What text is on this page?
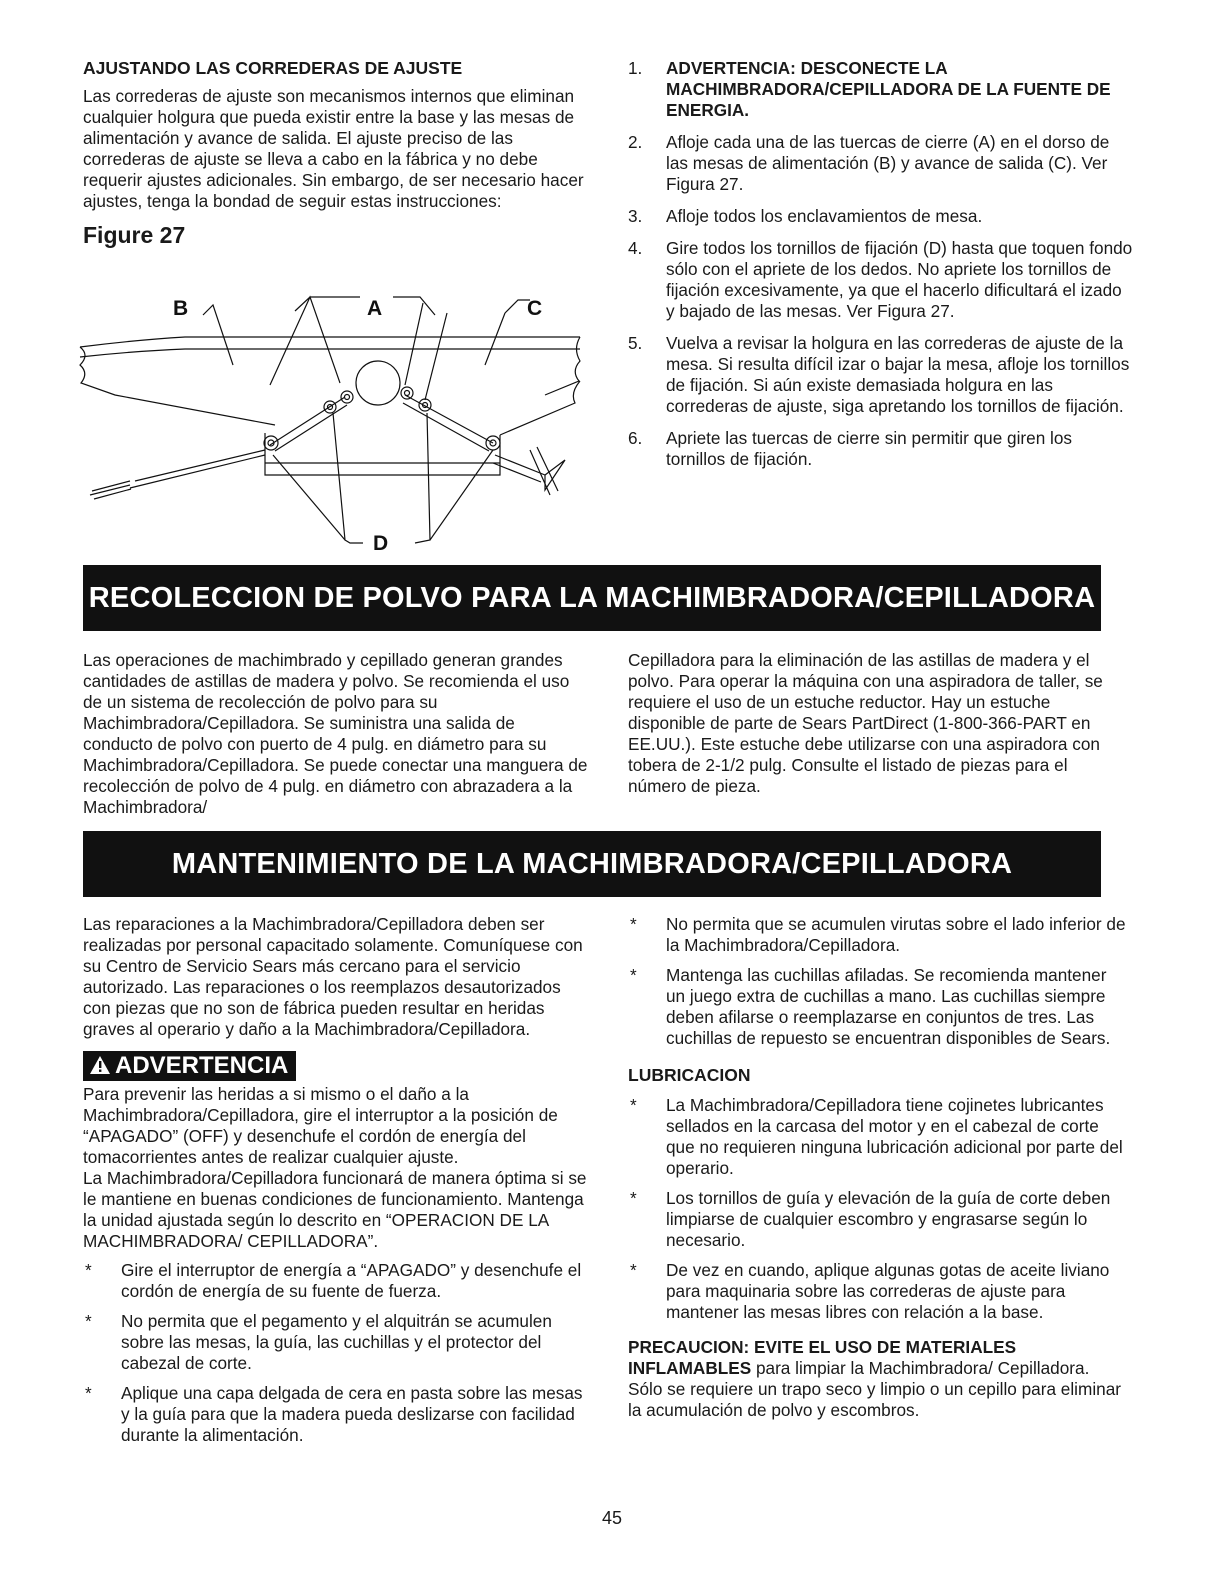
AJUSTANDO LAS CORREDERAS DE AJUSTE

Las correderas de ajuste son mecanismos internos que eliminan cualquier holgura que pueda existir entre la base y las mesas de alimentación y avance de salida. El ajuste preciso de las correderas de ajuste se lleva a cabo en la fábrica y no debe requerir ajustes adicionales. Sin embargo, de ser necesario hacer ajustes, tenga la bondad de seguir estas instrucciones:

Figure 27
B	A	C
D
1. ADVERTENCIA: DESCONECTE LA MACHIMBRADORA/CEPILLADORA DE LA FUENTE DE ENERGIA.
2. Afloje cada una de las tuercas de cierre (A) en el dorso de las mesas de alimentación (B) y avance de salida (C). Ver Figura 27.
3. Afloje todos los enclavamientos de mesa.
4. Gire todos los tornillos de fijación (D) hasta que toquen fondo sólo con el apriete de los dedos. No apriete los tornillos de fijación excesivamente, ya que el hacerlo dificultará el izado y bajado de las mesas. Ver Figura 27.
5. Vuelva a revisar la holgura en las correderas de ajuste de la mesa. Si resulta difícil izar o bajar la mesa, afloje los tornillos de fijación. Si aún existe demasiada holgura en las correderas de ajuste, siga apretando los tornillos de fijación.
6. Apriete las tuercas de cierre sin permitir que giren los tornillos de fijación.
RECOLECCION DE POLVO PARA LA MACHIMBRADORA/CEPILLADORA

Las operaciones de machimbrado y cepillado generan grandes cantidades de astillas de madera y polvo. Se recomienda el uso de un sistema de recolección de polvo para su Machimbradora/Cepilladora. Se suministra una salida de conducto de polvo con puerto de 4 pulg. en diámetro para su Machimbradora/Cepilladora. Se puede conectar una manguera de recolección de polvo de 4 pulg. en diámetro con abrazadera a la Machimbradora/

Cepilladora para la eliminación de las astillas de madera y el polvo. Para operar la máquina con una aspiradora de taller, se requiere el uso de un estuche reductor. Hay un estuche disponible de parte de Sears PartDirect (1-800-366-PART en EE.UU.). Este estuche debe utilizarse con una aspiradora con tobera de 2-1/2 pulg. Consulte el listado de piezas para el número de pieza.

MANTENIMIENTO DE LA MACHIMBRADORA/CEPILLADORA

Las reparaciones a la Machimbradora/Cepilladora deben ser realizadas por personal capacitado solamente. Comuníquese con su Centro de Servicio Sears más cercano para el servicio autorizado. Las reparaciones o los reemplazos desautorizados con piezas que no son de fábrica pueden resultar en heridas graves al operario y daño a la Machimbradora/Cepilladora.

ADVERTENCIA

Para prevenir las heridas a si mismo o el daño a la Machimbradora/Cepilladora, gire el interruptor a la posición de “APAGADO” (OFF) y desenchufe el cordón de energía del tomacorrientes antes de realizar cualquier ajuste.

La Machimbradora/Cepilladora funcionará de manera óptima si se le mantiene en buenas condiciones de funcionamiento. Mantenga la unidad ajustada según lo descrito en “OPERACION DE LA MACHIMBRADORA/ CEPILLADORA”.

* Gire el interruptor de energía a “APAGADO” y desenchufe el cordón de energía de su fuente de fuerza.
* No permita que el pegamento y el alquitrán se acumulen sobre las mesas, la guía, las cuchillas y el protector del cabezal de corte.
* Aplique una capa delgada de cera en pasta sobre las mesas y la guía para que la madera pueda deslizarse con facilidad durante la alimentación.
* No permita que se acumulen virutas sobre el lado inferior de la Machimbradora/Cepilladora.
* Mantenga las cuchillas afiladas. Se recomienda mantener un juego extra de cuchillas a mano. Las cuchillas siempre deben afilarse o reemplazarse en conjuntos de tres. Las cuchillas de repuesto se encuentran disponibles de Sears.
LUBRICACION
* La Machimbradora/Cepilladora tiene cojinetes lubricantes sellados en la carcasa del motor y en el cabezal de corte que no requieren ninguna lubricación adicional por parte del operario.
* Los tornillos de guía y elevación de la guía de corte deben limpiarse de cualquier escombro y engrasarse según lo necesario.
* De vez en cuando, aplique algunas gotas de aceite liviano para maquinaria sobre las correderas de ajuste para mantener las mesas libres con relación a la base.

PRECAUCION: EVITE EL USO DE MATERIALES INFLAMABLES para limpiar la Machimbradora/ Cepilladora. Sólo se requiere un trapo seco y limpio o un cepillo para eliminar la acumulación de polvo y escombros.

45
